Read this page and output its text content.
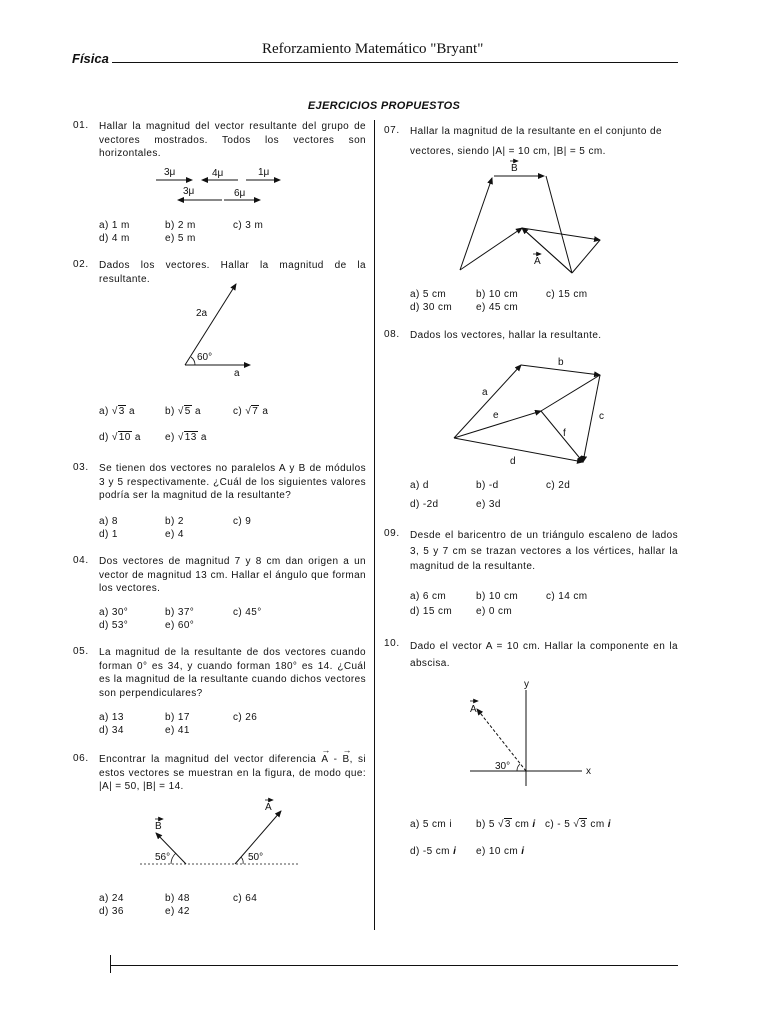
Física
Reforzamiento Matemático "Bryant"
EJERCICIOS PROPUESTOS
01. Hallar la magnitud del vector resultante del grupo de vectores mostrados. Todos los vectores son horizontales.
3μ	4μ	1μ
3μ	6μ
a) 1 m	b) 2 m	c) 3 m
d) 4 m	e) 5 m
02. Dados los vectores. Hallar la magnitud de la resultante.
2a
60°
a
a) √3 a	b) √5 a	c) √7 a
d) √10 a e) √13 a
03. Se tienen dos vectores no paralelos A y B de módulos 3 y 5 respectivamente. ¿Cuál de los siguientes valores podría ser la magnitud de la resultante?
a) 8	b) 2	c) 9
d) 1	e) 4
04. Dos vectores de magnitud 7 y 8 cm dan origen a un vector de magnitud 13 cm. Hallar el ángulo que forman los vectores.
a) 30°	b) 37°	c) 45°
d) 53°	e) 60°
05. La magnitud de la resultante de dos vectores cuando forman 0° es 34, y cuando forman 180° es 14. ¿Cuál es la magnitud de la resultante cuando dichos vectores son perpendiculares?
a) 13	b) 17	c) 26
d) 34	e) 41
06. Encontrar la magnitud del vector diferencia → A - → B, si estos vectores se muestran en la figura, de modo que: |A| = 50, |B| = 14.
B
A
56°	50°
a) 24	b) 48	c) 64
d) 36	e) 42
07. Hallar la magnitud de la resultante en el conjunto de
vectores, siendo |A| = 10 cm, |B| = 5 cm.
B
A
a) 5 cm	b) 10 cm	c) 15 cm
d) 30 cm e) 45 cm
08. Dados los vectores, hallar la resultante.
a
b
c
d
e
f
a) d	b) -d	c) 2d
d) -2d	e) 3d
09. Desde el baricentro de un triángulo escaleno de lados 3, 5 y 7 cm se trazan vectores a los vértices, hallar la magnitud de la resultante.
a) 6 cm	b) 10 cm	c) 14 cm
d) 15 cm e) 0 cm
10. Dado el vector A = 10 cm. Hallar la componente en la abscisa.
y
x
A
30°
a) 5 cm i b) 5 √3 cm i c) - 5 √3 cm i
d) -5 cm i e) 10 cm i
